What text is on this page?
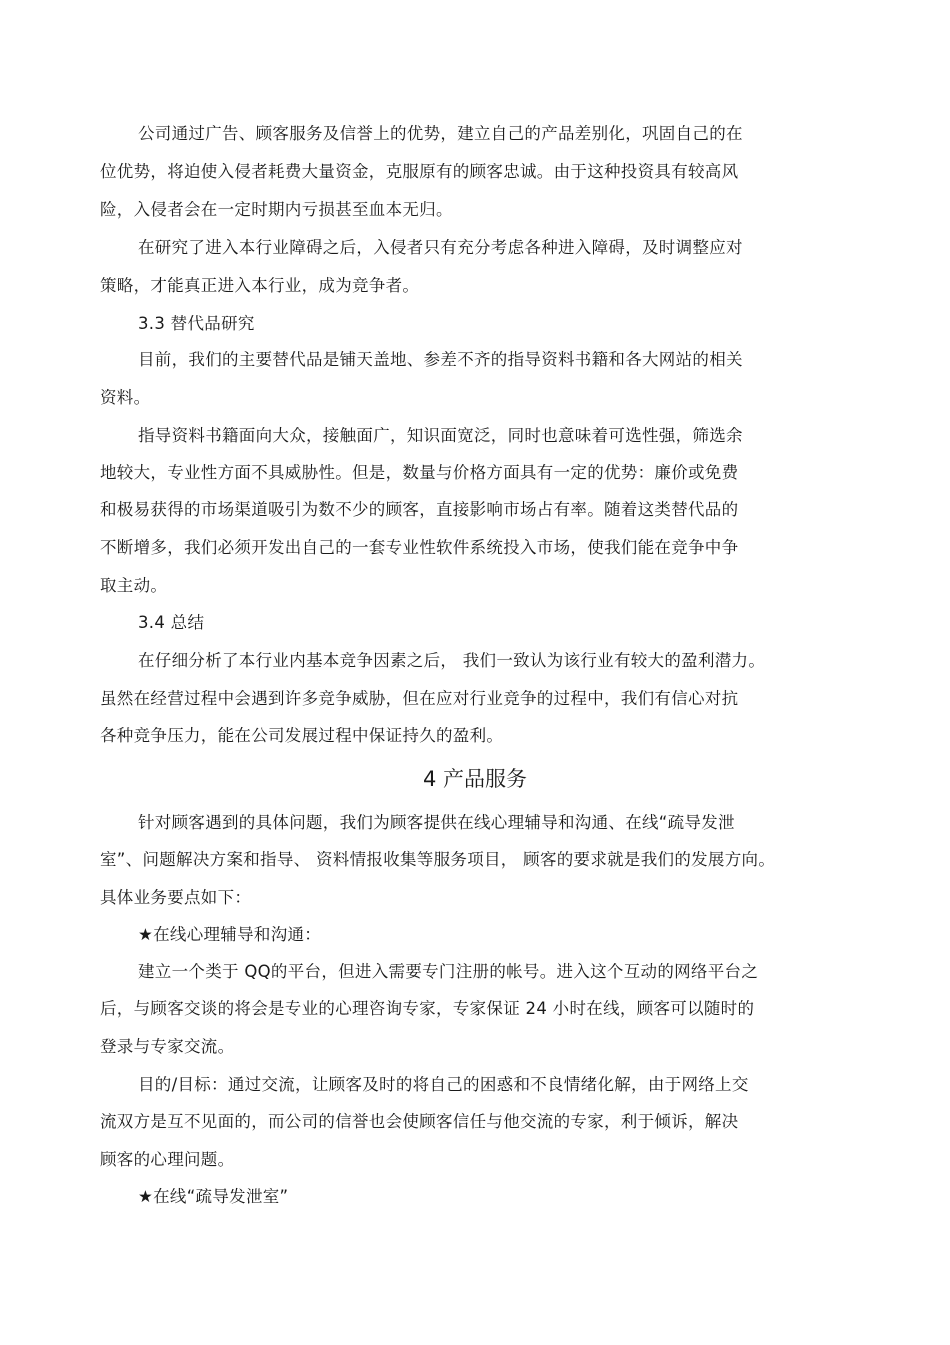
4 产品服务
公司通过广告、顾客服务及信誉上的优势，建立自己的产品差别化，巩固自己的在
位优势，将迫使入侵者耗费大量资金，克服原有的顾客忠诚。由于这种投资具有较高风
险，入侵者会在一定时期内亏损甚至血本无归。
在研究了进入本行业障碍之后，入侵者只有充分考虑各种进入障碍，及时调整应对
策略，才能真正进入本行业，成为竞争者。
3.3 替代品研究
目前，我们的主要替代品是铺天盖地、参差不齐的指导资料书籍和各大网站的相关
资料。
指导资料书籍面向大众，接触面广，知识面宽泛，同时也意味着可选性强，筛选余
地较大，专业性方面不具威胁性。但是，数量与价格方面具有一定的优势：廉价或免费
和极易获得的市场渠道吸引为数不少的顾客，直接影响市场占有率。随着这类替代品的
不断增多，我们必须开发出自己的一套专业性软件系统投入市场，使我们能在竞争中争
取主动。
3.4 总结
在仔细分析了本行业内基本竞争因素之后， 我们一致认为该行业有较大的盈利潜力。
虽然在经营过程中会遇到许多竞争威胁，但在应对行业竞争的过程中，我们有信心对抗
各种竞争压力，能在公司发展过程中保证持久的盈利。
针对顾客遇到的具体问题，我们为顾客提供在线心理辅导和沟通、在线“疏导发泄
室”、问题解决方案和指导、 资料情报收集等服务项目， 顾客的要求就是我们的发展方向。
具体业务要点如下：
★在线心理辅导和沟通：
建立一个类于 QQ的平台，但进入需要专门注册的帐号。进入这个互动的网络平台之
后，与顾客交谈的将会是专业的心理咨询专家，专家保证 24 小时在线，顾客可以随时的
登录与专家交流。
目的/目标：通过交流，让顾客及时的将自己的困惑和不良情绪化解，由于网络上交
流双方是互不见面的，而公司的信誉也会使顾客信任与他交流的专家，利于倾诉，解决
顾客的心理问题。
★在线“疏导发泄室”
